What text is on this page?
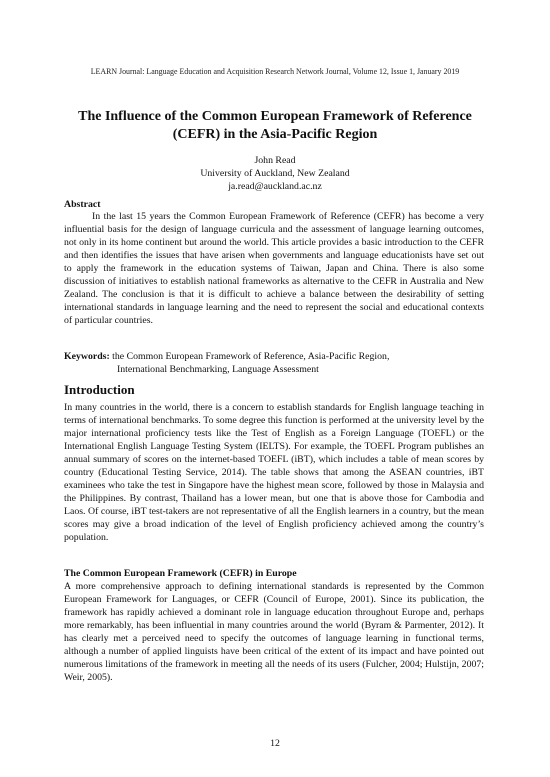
LEARN Journal: Language Education and Acquisition Research Network Journal, Volume 12, Issue 1, January 2019
The Influence of the Common European Framework of Reference (CEFR) in the Asia-Pacific Region
John Read
University of Auckland, New Zealand
ja.read@auckland.ac.nz
Abstract
In the last 15 years the Common European Framework of Reference (CEFR) has become a very influential basis for the design of language curricula and the assessment of language learning outcomes, not only in its home continent but around the world. This article provides a basic introduction to the CEFR and then identifies the issues that have arisen when governments and language educationists have set out to apply the framework in the education systems of Taiwan, Japan and China. There is also some discussion of initiatives to establish national frameworks as alternative to the CEFR in Australia and New Zealand. The conclusion is that it is difficult to achieve a balance between the desirability of setting international standards in language learning and the need to represent the social and educational contexts of particular countries.
Keywords: the Common European Framework of Reference, Asia-Pacific Region,
International Benchmarking, Language Assessment
Introduction
In many countries in the world, there is a concern to establish standards for English language teaching in terms of international benchmarks. To some degree this function is performed at the university level by the major international proficiency tests like the Test of English as a Foreign Language (TOEFL) or the International English Language Testing System (IELTS). For example, the TOEFL Program publishes an annual summary of scores on the internet-based TOEFL (iBT), which includes a table of mean scores by country (Educational Testing Service, 2014). The table shows that among the ASEAN countries, iBT examinees who take the test in Singapore have the highest mean score, followed by those in Malaysia and the Philippines. By contrast, Thailand has a lower mean, but one that is above those for Cambodia and Laos. Of course, iBT test-takers are not representative of all the English learners in a country, but the mean scores may give a broad indication of the level of English proficiency achieved among the country’s population.
The Common European Framework (CEFR) in Europe
A more comprehensive approach to defining international standards is represented by the Common European Framework for Languages, or CEFR (Council of Europe, 2001). Since its publication, the framework has rapidly achieved a dominant role in language education throughout Europe and, perhaps more remarkably, has been influential in many countries around the world (Byram & Parmenter, 2012). It has clearly met a perceived need to specify the outcomes of language learning in functional terms, although a number of applied linguists have been critical of the extent of its impact and have pointed out numerous limitations of the framework in meeting all the needs of its users (Fulcher, 2004; Hulstijn, 2007; Weir, 2005).
12
